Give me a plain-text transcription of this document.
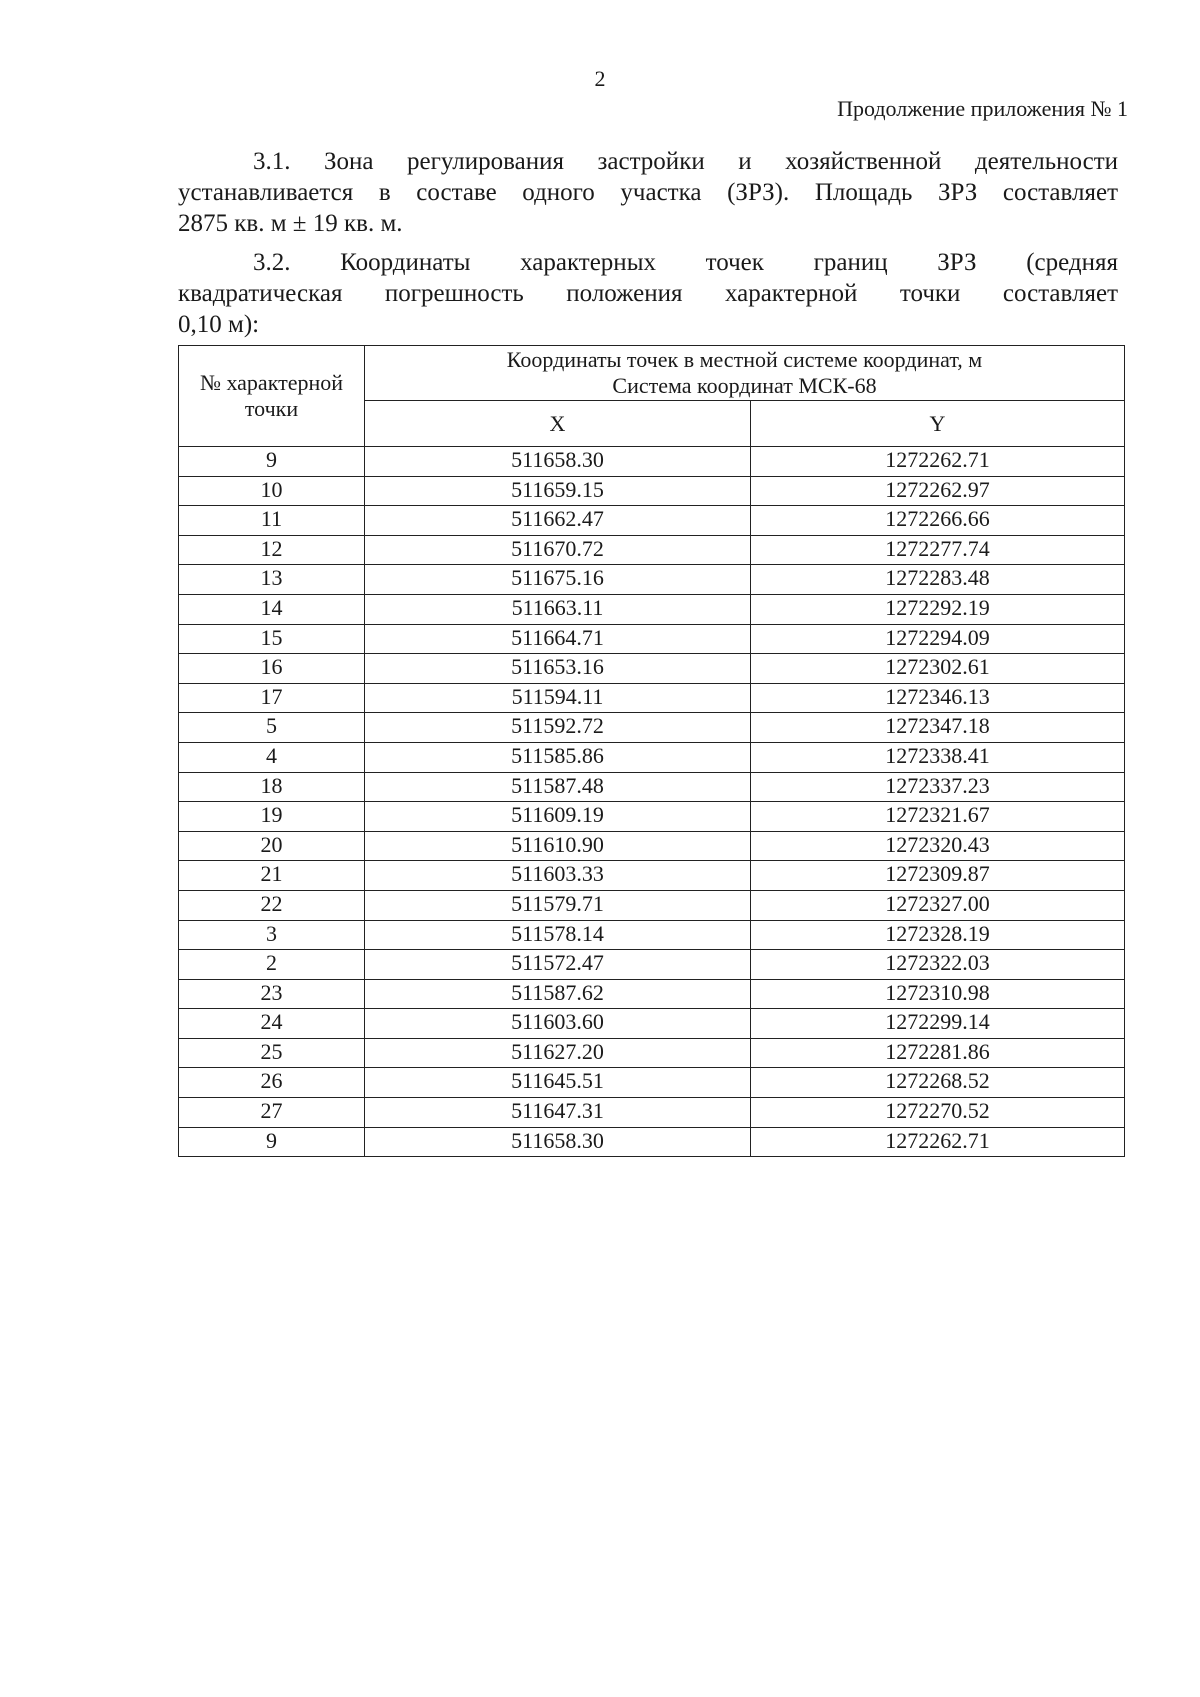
2
Продолжение приложения № 1
3.1. Зона регулирования застройки и хозяйственной деятельности
устанавливается в составе одного участка (ЗРЗ). Площадь ЗРЗ составляет
2875 кв. м ± 19 кв. м.
3.2. Координаты характерных точек границ ЗРЗ (средняя
квадратическая погрешность положения характерной точки составляет
0,10 м):
№ характерной точки	Координаты точек в местной системе координат, м
Система координат МСК-68	

	X	Y
9	511658.30	1272262.71
10	511659.15	1272262.97
11	511662.47	1272266.66
12	511670.72	1272277.74
13	511675.16	1272283.48
14	511663.11	1272292.19
15	511664.71	1272294.09
16	511653.16	1272302.61
17	511594.11	1272346.13
5	511592.72	1272347.18
4	511585.86	1272338.41
18	511587.48	1272337.23
19	511609.19	1272321.67
20	511610.90	1272320.43
21	511603.33	1272309.87
22	511579.71	1272327.00
3	511578.14	1272328.19
2	511572.47	1272322.03
23	511587.62	1272310.98
24	511603.60	1272299.14
25	511627.20	1272281.86
26	511645.51	1272268.52
27	511647.31	1272270.52
9	511658.30	1272262.71
